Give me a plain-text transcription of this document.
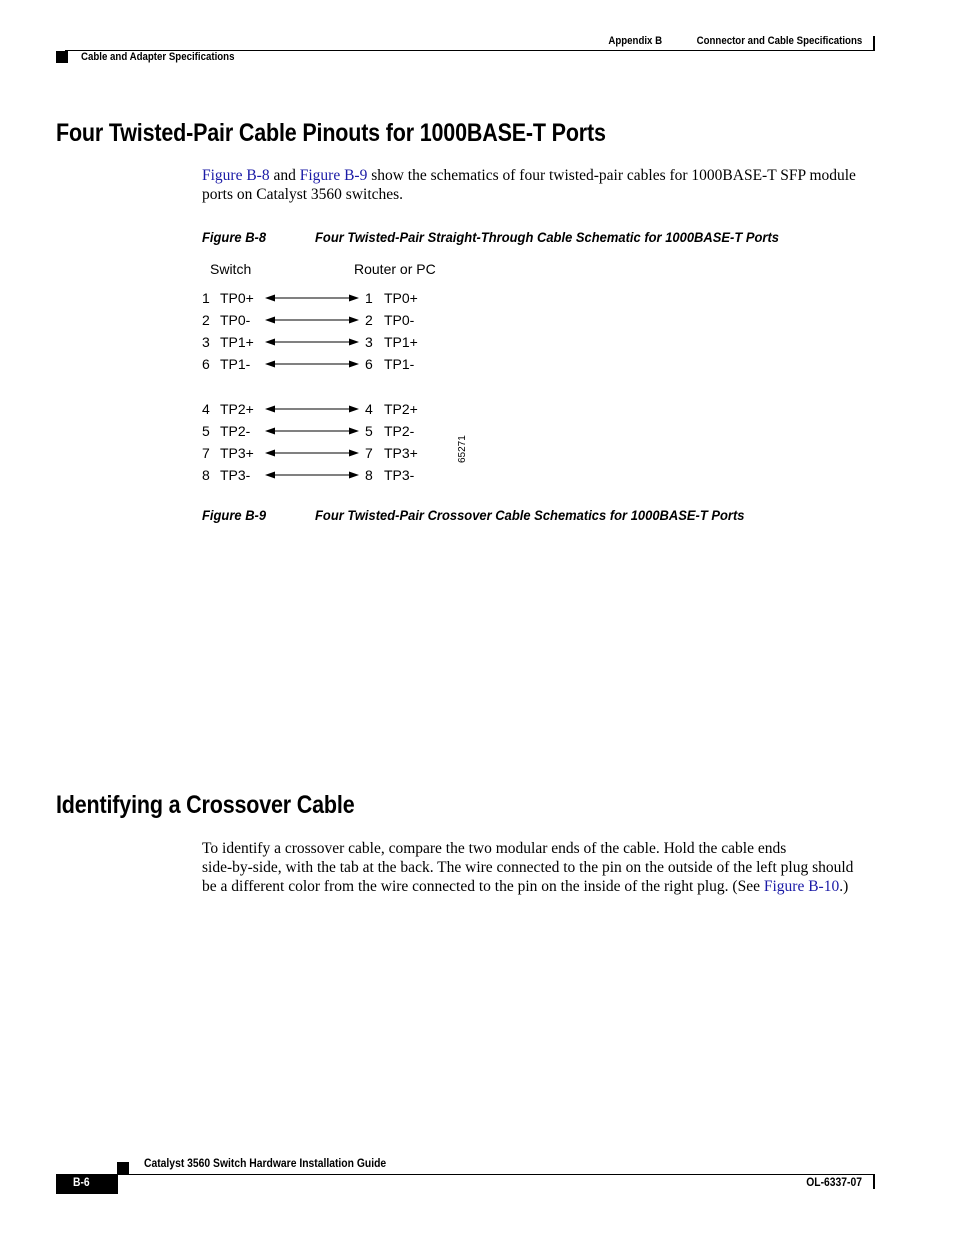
Appendix B	Connector and Cable Specifications
Cable and Adapter Specifications
Four Twisted-Pair Cable Pinouts for 1000BASE-T Ports
Figure B-8 and Figure B-9 show the schematics of four twisted-pair cables for 1000BASE-T SFP module ports on Catalyst 3560 switches.
Figure B-8	Four Twisted-Pair Straight-Through Cable Schematic for 1000BASE-T Ports
Switch	Router or PC
1 TP0+	1 TP0+
2 TP0-	2 TP0-
3 TP1+	3 TP1+
6 TP1-	6 TP1-
4 TP2+	4 TP2+
5 TP2-	5 TP2-
7 TP3+	7 TP3+
8 TP3-	8 TP3-
65271
Figure B-9	Four Twisted-Pair Crossover Cable Schematics for 1000BASE-T Ports
Identifying a Crossover Cable
To identify a crossover cable, compare the two modular ends of the cable. Hold the cable ends
side-by-side, with the tab at the back. The wire connected to the pin on the outside of the left plug should
be a different color from the wire connected to the pin on the inside of the right plug. (See Figure B-10.)
B-6
Catalyst 3560 Switch Hardware Installation Guide
OL-6337-07
